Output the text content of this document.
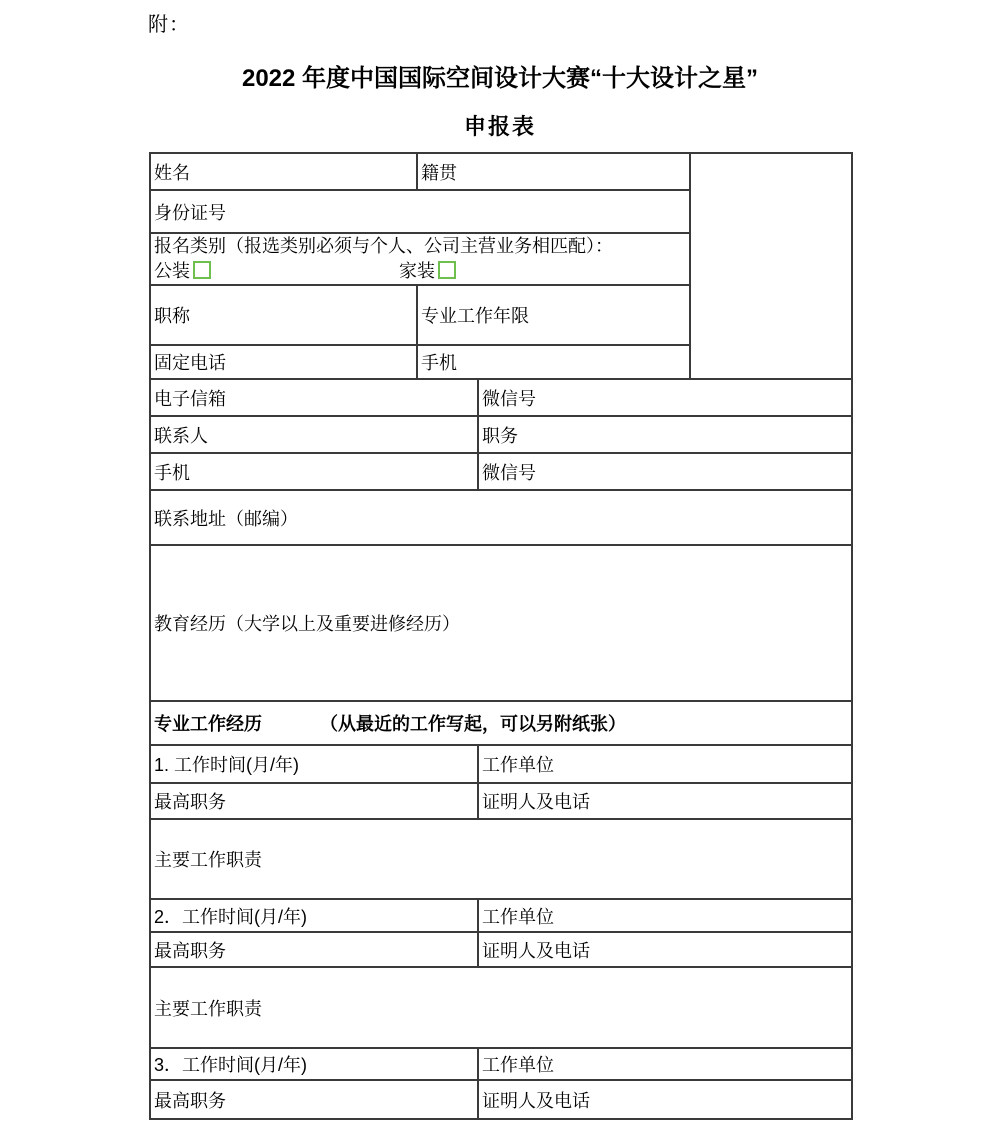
附：
2022 年度中国国际空间设计大赛“十大设计之星”
申报表
姓名	籍贯		
身份证号			

报名类别（报选类别必须与个人、公司主营业务相匹配）：
公装 家装			

职称	专业工作年限		
固定电话	手机		
电子信箱		微信号	
联系人		职务	
手机		微信号	
联系地址（邮编）			
教育经历（大学以上及重要进修经历）			
专业工作经历 （从最近的工作写起，可以另附纸张）			
1. 工作时间(月/年)		工作单位	
最高职务		证明人及电话	
主要工作职责			
2．工作时间(月/年)		工作单位	
最高职务		证明人及电话	
主要工作职责			
3．工作时间(月/年)		工作单位	
最高职务		证明人及电话	
